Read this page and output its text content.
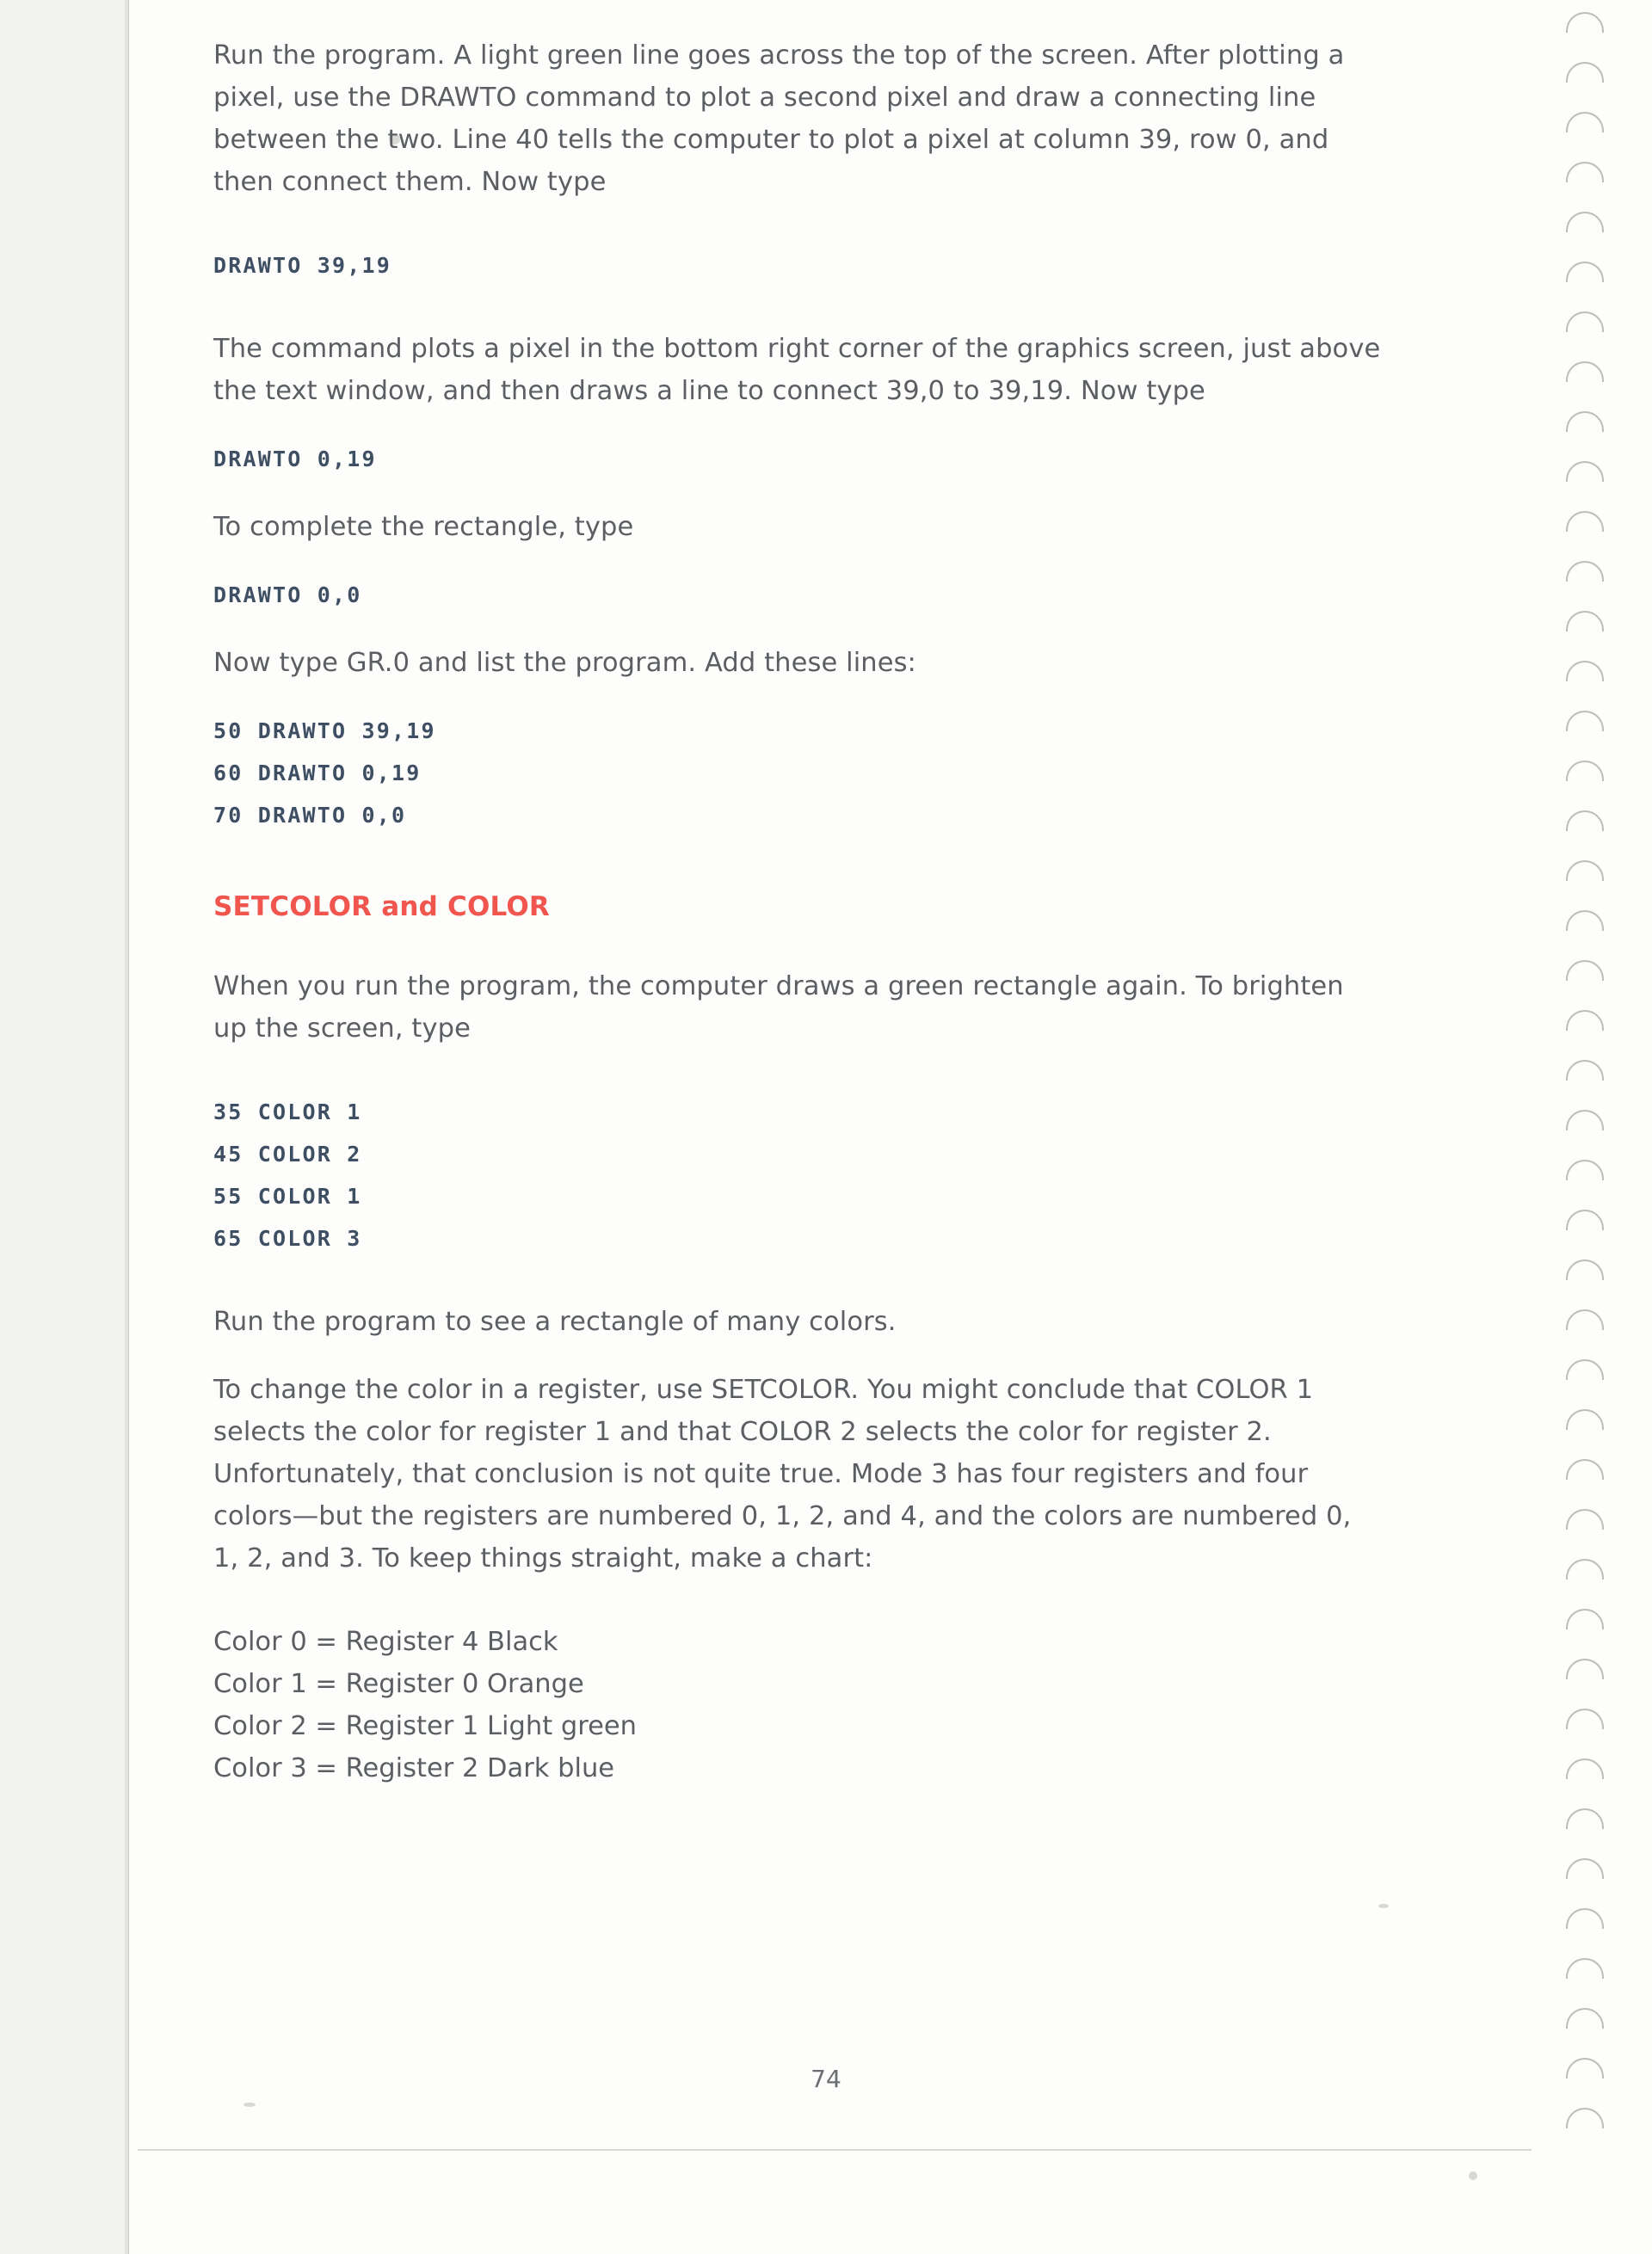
Run the program. A light green line goes across the top of the screen. After plotting a pixel, use the DRAWTO command to plot a second pixel and draw a connecting line between the two. Line 40 tells the computer to plot a pixel at column 39, row 0, and then connect them. Now type

DRAWTO 39,19

The command plots a pixel in the bottom right corner of the graphics screen, just above the text window, and then draws a line to connect 39,0 to 39,19. Now type

DRAWTO 0,19

To complete the rectangle, type

DRAWTO 0,0

Now type GR.0 and list the program. Add these lines:

50 DRAWTO 39,19

60 DRAWTO 0,19

70 DRAWTO 0,0

SETCOLOR and COLOR

When you run the program, the computer draws a green rectangle again. To brighten up the screen, type

35 COLOR 1

45 COLOR 2

55 COLOR 1

65 COLOR 3

Run the program to see a rectangle of many colors.

To change the color in a register, use SETCOLOR. You might conclude that COLOR 1 selects the color for register 1 and that COLOR 2 selects the color for register 2. Unfortunately, that conclusion is not quite true. Mode 3 has four registers and four colors—but the registers are numbered 0, 1, 2, and 4, and the colors are numbered 0, 1, 2, and 3. To keep things straight, make a chart:

Color 0 = Register 4 Black

Color 1 = Register 0 Orange

Color 2 = Register 1 Light green

Color 3 = Register 2 Dark blue

74
